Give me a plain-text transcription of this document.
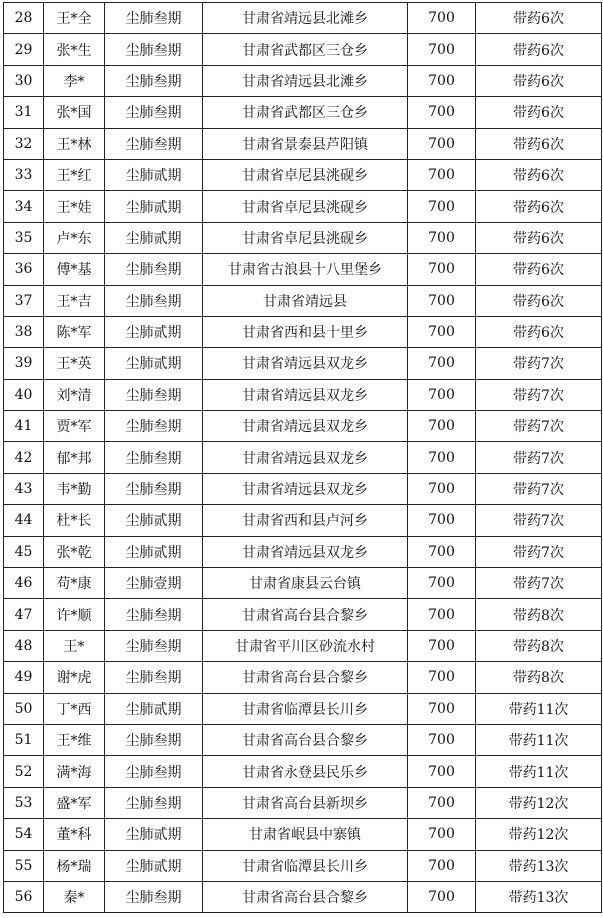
28	王*全	尘肺叁期	甘肃省靖远县北滩乡	700	带药6次
29	张*生	尘肺叁期	甘肃省武都区三仓乡	700	带药6次
30	李*	尘肺叁期	甘肃省靖远县北滩乡	700	带药6次
31	张*国	尘肺叁期	甘肃省武都区三仓乡	700	带药6次
32	王*林	尘肺叁期	甘肃省景泰县芦阳镇	700	带药6次
33	王*红	尘肺贰期	甘肃省卓尼县洮砚乡	700	带药6次
34	王*娃	尘肺贰期	甘肃省卓尼县洮砚乡	700	带药6次
35	卢*东	尘肺贰期	甘肃省卓尼县洮砚乡	700	带药6次
36	傅*基	尘肺叁期	甘肃省古浪县十八里堡乡	700	带药6次
37	王*吉	尘肺叁期	甘肃省靖远县	700	带药6次
38	陈*军	尘肺贰期	甘肃省西和县十里乡	700	带药6次
39	王*英	尘肺贰期	甘肃省靖远县双龙乡	700	带药7次
40	刘*清	尘肺叁期	甘肃省靖远县双龙乡	700	带药7次
41	贾*军	尘肺叁期	甘肃省靖远县双龙乡	700	带药7次
42	郁*邦	尘肺叁期	甘肃省靖远县双龙乡	700	带药7次
43	韦*勤	尘肺叁期	甘肃省靖远县双龙乡	700	带药7次
44	杜*长	尘肺贰期	甘肃省西和县卢河乡	700	带药7次
45	张*乾	尘肺贰期	甘肃省靖远县双龙乡	700	带药7次
46	苟*康	尘肺壹期	甘肃省康县云台镇	700	带药7次
47	许*顺	尘肺叁期	甘肃省高台县合黎乡	700	带药8次
48	王*	尘肺叁期	甘肃省平川区砂流水村	700	带药8次
49	谢*虎	尘肺叁期	甘肃省高台县合黎乡	700	带药8次
50	丁*西	尘肺贰期	甘肃省临潭县长川乡	700	带药11次
51	王*维	尘肺叁期	甘肃省高台县合黎乡	700	带药11次
52	满*海	尘肺叁期	甘肃省永登县民乐乡	700	带药11次
53	盛*军	尘肺叁期	甘肃省高台县新坝乡	700	带药12次
54	董*科	尘肺贰期	甘肃省岷县中寨镇	700	带药12次
55	杨*瑞	尘肺贰期	甘肃省临潭县长川乡	700	带药13次
56	秦*	尘肺叁期	甘肃省高台县合黎乡	700	带药13次
